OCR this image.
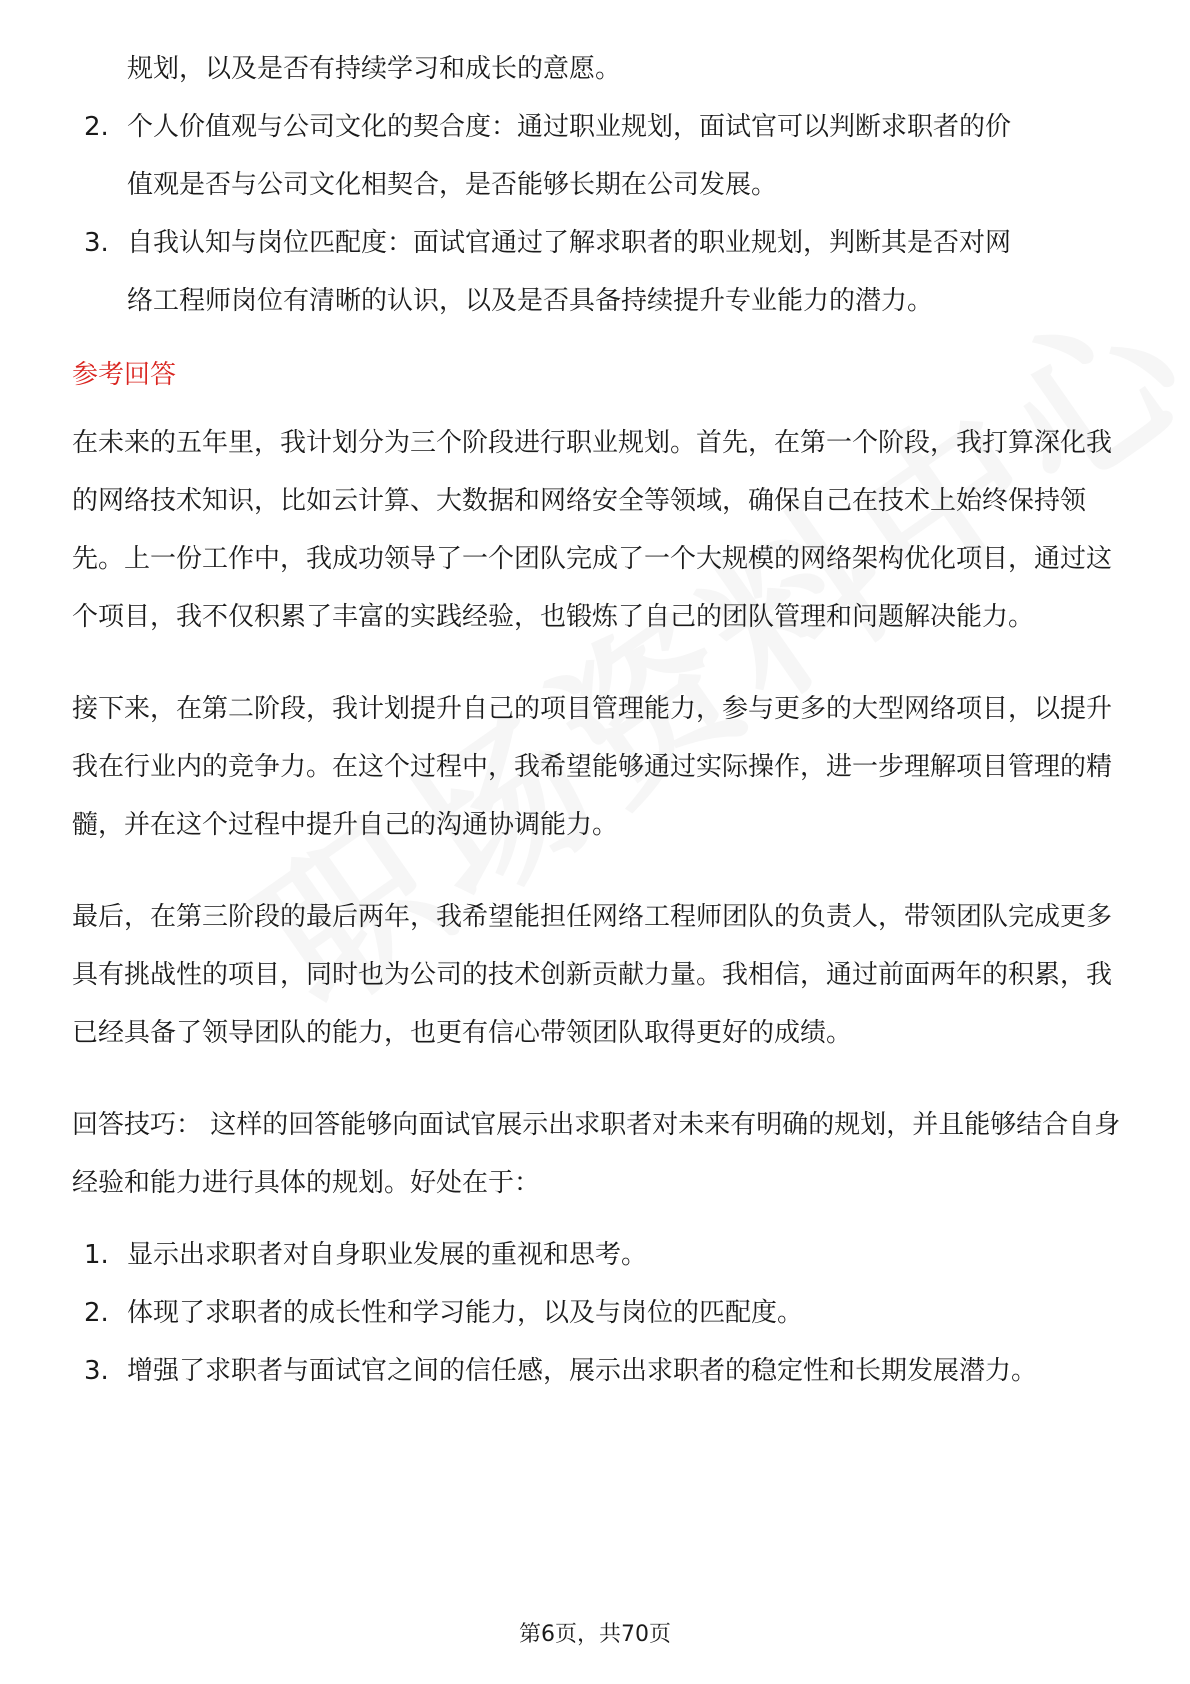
规划，以及是否有持续学习和成长的意愿。

2. 个人价值观与公司文化的契合度：通过职业规划，面试官可以判断求职者的价
值观是否与公司文化相契合，是否能够长期在公司发展。
3. 自我认知与岗位匹配度：面试官通过了解求职者的职业规划，判断其是否对网
络工程师岗位有清晰的认识，以及是否具备持续提升专业能力的潜力。
参考回答

在未来的五年里，我计划分为三个阶段进行职业规划。首先，在第一个阶段，我打算深化我的网络技术知识，比如云计算、大数据和网络安全等领域，确保自己在技术上始终保持领先。上一份工作中，我成功领导了一个团队完成了一个大规模的网络架构优化项目，通过这个项目，我不仅积累了丰富的实践经验，也锻炼了自己的团队管理和问题解决能力。

接下来，在第二阶段，我计划提升自己的项目管理能力，参与更多的大型网络项目，以提升我在行业内的竞争力。在这个过程中，我希望能够通过实际操作，进一步理解项目管理的精髓，并在这个过程中提升自己的沟通协调能力。

最后，在第三阶段的最后两年，我希望能担任网络工程师团队的负责人，带领团队完成更多具有挑战性的项目，同时也为公司的技术创新贡献力量。我相信，通过前面两年的积累，我已经具备了领导团队的能力，也更有信心带领团队取得更好的成绩。

回答技巧： 这样的回答能够向面试官展示出求职者对未来有明确的规划，并且能够结合自身经验和能力进行具体的规划。好处在于：

1. 显示出求职者对自身职业发展的重视和思考。
2. 体现了求职者的成长性和学习能力，以及与岗位的匹配度。
3. 增强了求职者与面试官之间的信任感，展示出求职者的稳定性和长期发展潜力。
第6页，共70页
